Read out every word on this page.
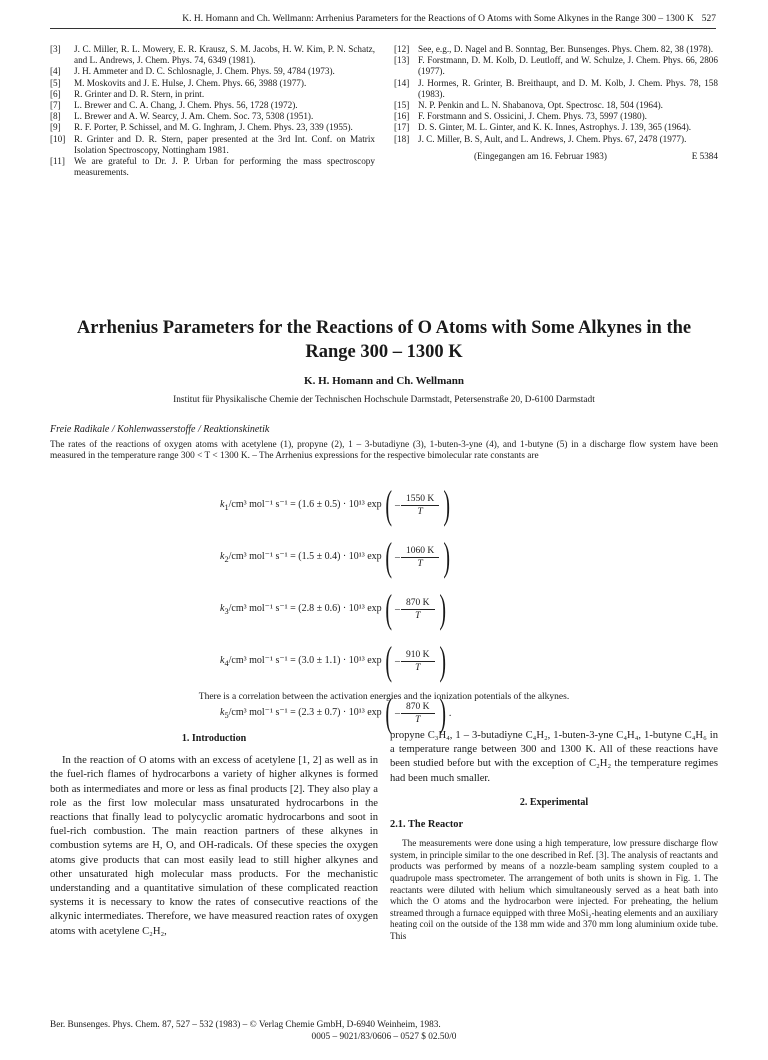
K. H. Homann and Ch. Wellmann: Arrhenius Parameters for the Reactions of O Atoms with Some Alkynes in the Range 300 – 1300 K 527
[3]	J. C. Miller, R. L. Mowery, E. R. Krausz, S. M. Jacobs, H. W. Kim, P. N. Schatz, and L. Andrews, J. Chem. Phys. 74, 6349 (1981).
[4]	J. H. Ammeter and D. C. Schlosnagle, J. Chem. Phys. 59, 4784 (1973).
[5]	M. Moskovits and J. E. Hulse, J. Chem. Phys. 66, 3988 (1977).
[6]	R. Grinter and D. R. Stern, in print.
[7]	L. Brewer and C. A. Chang, J. Chem. Phys. 56, 1728 (1972).
[8]	L. Brewer and A. W. Searcy, J. Am. Chem. Soc. 73, 5308 (1951).
[9]	R. F. Porter, P. Schissel, and M. G. Inghram, J. Chem. Phys. 23, 339 (1955).
[10] R. Grinter and D. R. Stern, paper presented at the 3rd Int. Conf. on Matrix Isolation Spectroscopy, Nottingham 1981.
[11] We are grateful to Dr. J. P. Urban for performing the mass spectroscopy measurements.
[12] See, e.g., D. Nagel and B. Sonntag, Ber. Bunsenges. Phys. Chem. 82, 38 (1978).
[13] F. Forstmann, D. M. Kolb, D. Leutloff, and W. Schulze, J. Chem. Phys. 66, 2806 (1977).
[14] J. Hormes, R. Grinter, B. Breithaupt, and D. M. Kolb, J. Chem. Phys. 78, 158 (1983).
[15] N. P. Penkin and L. N. Shabanova, Opt. Spectrosc. 18, 504 (1964).
[16] F. Forstmann and S. Ossicini, J. Chem. Phys. 73, 5997 (1980).
[17] D. S. Ginter, M. L. Ginter, and K. K. Innes, Astrophys. J. 139, 365 (1964).
[18] J. C. Miller, B. S, Ault, and L. Andrews, J. Chem. Phys. 67, 2478 (1977).
(Eingegangen am 16. Februar 1983)	E 5384
Arrhenius Parameters for the Reactions of O Atoms with Some Alkynes in the
Range 300 – 1300 K
K. H. Homann and Ch. Wellmann
Institut für Physikalische Chemie der Technischen Hochschule Darmstadt, Petersenstraße 20, D-6100 Darmstadt
Freie Radikale / Kohlenwasserstoffe / Reaktionskinetik
The rates of the reactions of oxygen atoms with acetylene (1), propyne (2), 1 – 3-butadiyne (3), 1-buten-3-yne (4), and 1-butyne (5) in a discharge flow system have been measured in the temperature range 300 < T < 1300 K. – The Arrhenius expressions for the respective bimolecular rate constants are
$k_1$/cm³ mol⁻¹ s⁻¹ = (1.6 ± 0.5) · 10¹³ exp ( – $\frac{1550 K}{T}$ )
$k_2$/cm³ mol⁻¹ s⁻¹ = (1.5 ± 0.4) · 10¹³ exp ( – $\frac{1060 K}{T}$ )
$k_3$/cm³ mol⁻¹ s⁻¹ = (2.8 ± 0.6) · 10¹³ exp ( – $\frac{870 K}{T}$ )
$k_4$/cm³ mol⁻¹ s⁻¹ = (3.0 ± 1.1) · 10¹³ exp ( – $\frac{910 K}{T}$ )
$k_5$/cm³ mol⁻¹ s⁻¹ = (2.3 ± 0.7) · 10¹³ exp ( – $\frac{870 K}{T}$ ) .
There is a correlation between the activation energies and the ionization potentials of the alkynes.
1. Introduction
In the reaction of O atoms with an excess of acetylene [1, 2] as well as in the fuel-rich flames of hydrocarbons a variety of higher alkynes is formed both as intermediates and more or less as final products [2]. They also play a role as the first low molecular mass unsaturated hydrocarbons in the reactions that finally lead to polycyclic aromatic hydrocarbons and soot in fuel-rich combustion. The main reaction partners of these alkynes in combustion sytems are H, O, and OH-radicals. Of these species the oxygen atoms give products that can most easily lead to still higher alkynes and other unsaturated high molecular mass products. For the mechanistic understanding and a quantitative simulation of these complicated reaction systems it is necessary to know the rates of consecutive reactions of the alkynic intermediates. Therefore, we have measured reaction rates of oxygen atoms with acetylene C₂H₂,
propyne C₃H₄, 1 – 3-butadiyne C₄H₂, 1-buten-3-yne C₄H₄, 1-butyne C₄H₆ in a temperature range between 300 and 1300 K. All of these reactions have been studied before but with the exception of C₂H₂ the temperature regimes had been much smaller.
2. Experimental
2.1. The Reactor
The measurements were done using a high temperature, low pressure discharge flow system, in principle similar to the one described in Ref. [3]. The analysis of reactants and products was performed by means of a nozzle-beam sampling system coupled to a quadrupole mass spectrometer. The arrangement of both units is shown in Fig. 1. The reactants were diluted with helium which simultaneously served as a heat bath into which the O atoms and the hydrocarbon were injected. For preheating, the helium streamed through a furnace equipped with three MoSi₂-heating elements and an auxiliary heating coil on the outside of the 138 mm wide and 370 mm long aluminium oxide tube. This
Ber. Bunsenges. Phys. Chem. 87, 527 – 532 (1983) – © Verlag Chemie GmbH, D-6940 Weinheim, 1983.
0005 – 9021/83/0606 – 0527 $ 02.50/0
